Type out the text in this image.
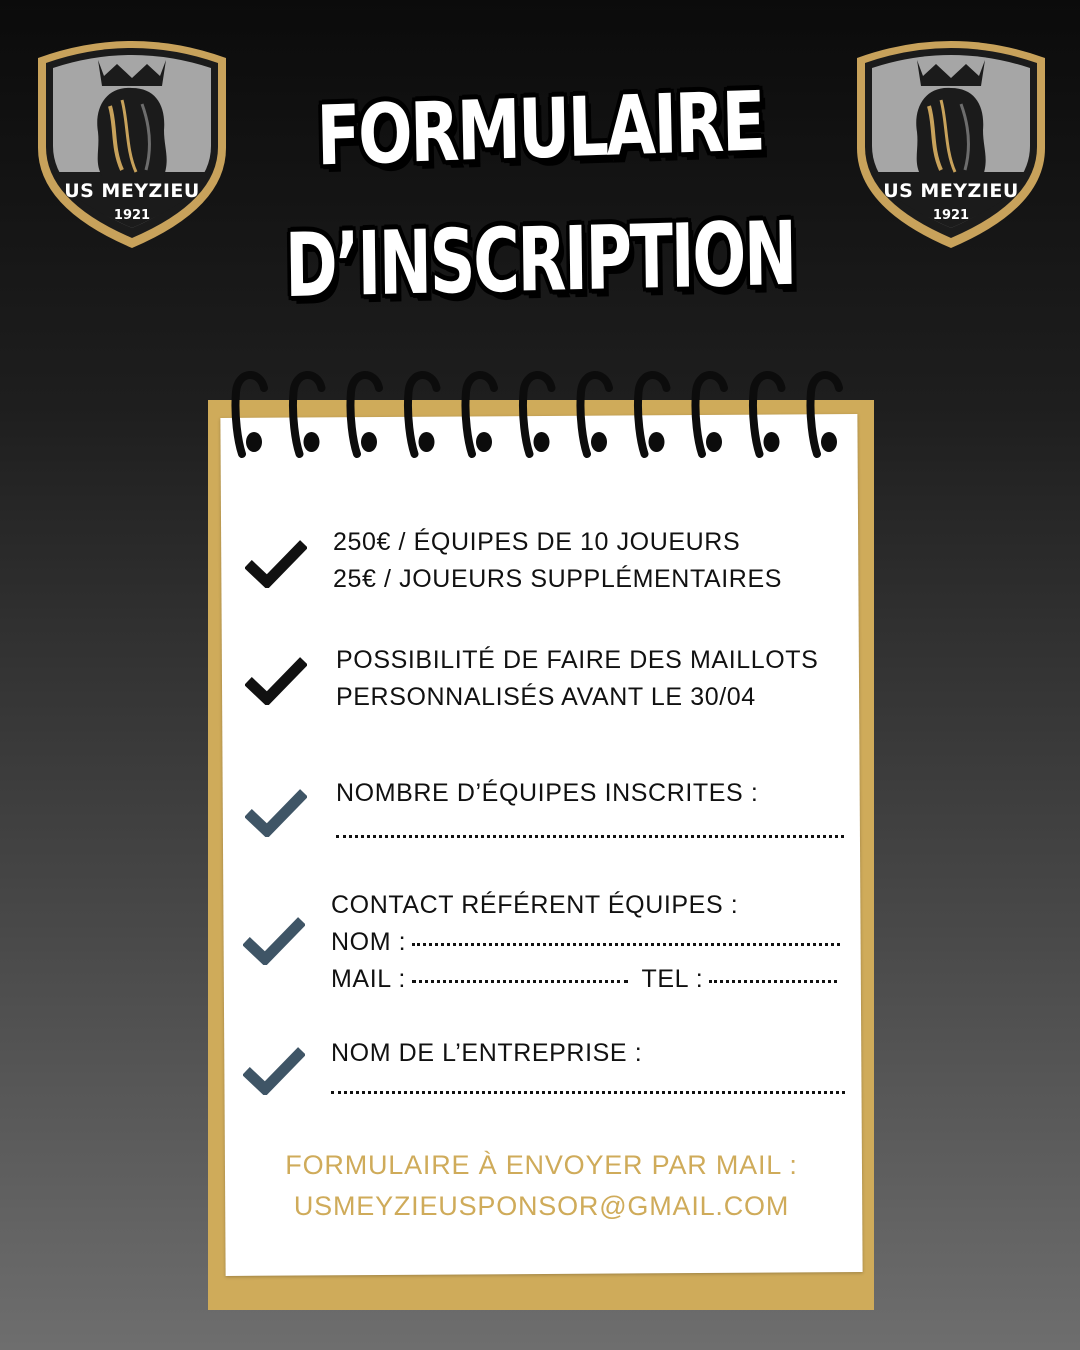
US MEYZIEU
1921
US MEYZIEU
1921
FORMULAIRE
D’INSCRIPTION
250€ / ÉQUIPES DE 10 JOUEURS
25€ / JOUEURS SUPPLÉMENTAIRES
POSSIBILITÉ DE FAIRE DES MAILLOTS
PERSONNALISÉS AVANT LE 30/04
NOMBRE D’ÉQUIPES INSCRITES :
CONTACT RÉFÉRENT ÉQUIPES :
NOM :
MAIL :	TEL :
NOM DE L’ENTREPRISE :
FORMULAIRE À ENVOYER PAR MAIL :
USMEYZIEUSPONSOR@GMAIL.COM
